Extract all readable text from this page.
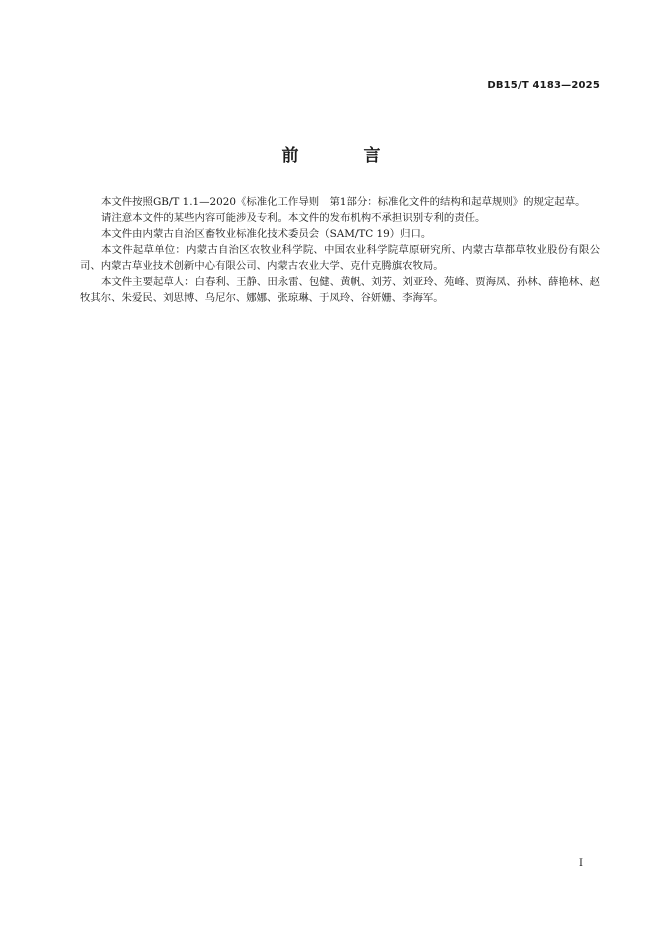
DB15/T 4183—2025
前　言

本文件按照GB/T 1.1—2020《标准化工作导则　第1部分：标准化文件的结构和起草规则》的规定起草。

请注意本文件的某些内容可能涉及专利。本文件的发布机构不承担识别专利的责任。

本文件由内蒙古自治区畜牧业标准化技术委员会（SAM/TC 19）归口。

本文件起草单位：内蒙古自治区农牧业科学院、中国农业科学院草原研究所、内蒙古草都草牧业股份有限公司、内蒙古草业技术创新中心有限公司、内蒙古农业大学、克什克腾旗农牧局。

本文件主要起草人：白春利、王静、田永雷、包健、黄帆、刘芳、刘亚玲、苑峰、贾海凤、孙林、薛艳林、赵牧其尔、朱爱民、刘思博、乌尼尔、娜娜、张琼琳、于凤玲、谷妍姗、李海军。

I
